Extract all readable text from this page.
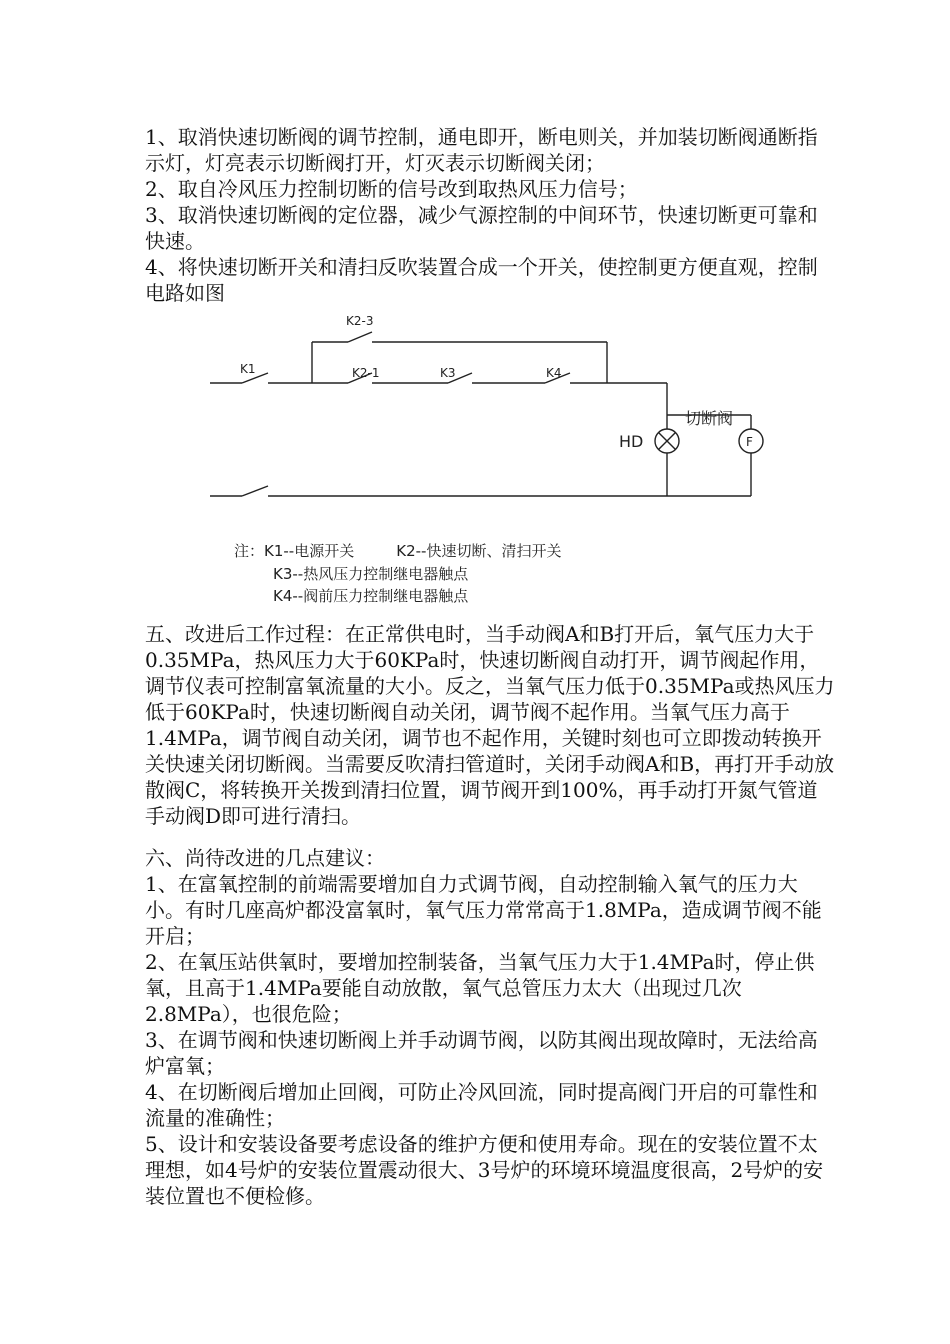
1、取消快速切断阀的调节控制，通电即开，断电则关，并加装切断阀通断指示灯，灯亮表示切断阀打开，灯灭表示切断阀关闭；

2、取自冷风压力控制切断的信号改到取热风压力信号；

3、取消快速切断阀的定位器，减少气源控制的中间环节，快速切断更可靠和快速。

4、将快速切断开关和清扫反吹装置合成一个开关，使控制更方便直观，控制电路如图

K1
K2-3
K2-1	K3	K4
切断阀
HD	F
注：K1--电源开关	K2--快速切断、清扫开关
K3--热风压力控制继电器触点
K4--阀前压力控制继电器触点

五、改进后工作过程：在正常供电时，当手动阀A和B打开后，氧气压力大于0.35MPa，热风压力大于60KPa时，快速切断阀自动打开，调节阀起作用，调节仪表可控制富氧流量的大小。反之，当氧气压力低于0.35MPa或热风压力低于60KPa时，快速切断阀自动关闭，调节阀不起作用。当氧气压力高于1.4MPa，调节阀自动关闭，调节也不起作用，关键时刻也可立即拨动转换开关快速关闭切断阀。当需要反吹清扫管道时，关闭手动阀A和B，再打开手动放散阀C，将转换开关拨到清扫位置，调节阀开到100%，再手动打开氮气管道手动阀D即可进行清扫。

六、尚待改进的几点建议：

1、在富氧控制的前端需要增加自力式调节阀，自动控制输入氧气的压力大小。有时几座高炉都没富氧时，氧气压力常常高于1.8MPa，造成调节阀不能开启；

2、在氧压站供氧时，要增加控制装备，当氧气压力大于1.4MPa时，停止供氧，且高于1.4MPa要能自动放散，氧气总管压力太大（出现过几次2.8MPa），也很危险；

3、在调节阀和快速切断阀上并手动调节阀，以防其阀出现故障时，无法给高炉富氧；

4、在切断阀后增加止回阀，可防止冷风回流，同时提高阀门开启的可靠性和流量的准确性；

5、设计和安装设备要考虑设备的维护方便和使用寿命。现在的安装位置不太理想，如4号炉的安装位置震动很大、3号炉的环境环境温度很高，2号炉的安装位置也不便检修。
